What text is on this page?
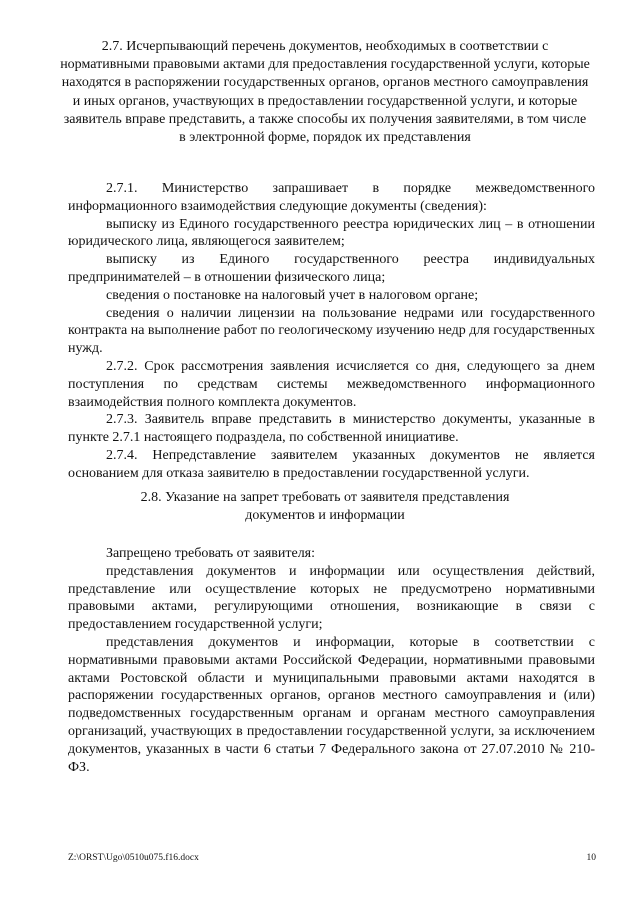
2.7. Исчерпывающий перечень документов, необходимых в соответствии с нормативными правовыми актами для предоставления государственной услуги, которые находятся в распоряжении государственных органов, органов местного самоуправления и иных органов, участвующих в предоставлении государственной услуги, и которые заявитель вправе представить, а также способы их получения заявителями, в том числе в электронной форме, порядок их представления

2.7.1. Министерство запрашивает в порядке межведомственного информационного взаимодействия следующие документы (сведения):

выписку из Единого государственного реестра юридических лиц – в отношении юридического лица, являющегося заявителем;

выписку из Единого государственного реестра индивидуальных предпринимателей – в отношении физического лица;

сведения о постановке на налоговый учет в налоговом органе;

сведения о наличии лицензии на пользование недрами или государственного контракта на выполнение работ по геологическому изучению недр для государственных нужд.

2.7.2. Срок рассмотрения заявления исчисляется со дня, следующего за днем поступления по средствам системы межведомственного информационного взаимодействия полного комплекта документов.

2.7.3. Заявитель вправе представить в министерство документы, указанные в пункте 2.7.1 настоящего подраздела, по собственной инициативе.

2.7.4. Непредставление заявителем указанных документов не является основанием для отказа заявителю в предоставлении государственной услуги.

2.8. Указание на запрет требовать от заявителя представления документов и информации

Запрещено требовать от заявителя:

представления документов и информации или осуществления действий, представление или осуществление которых не предусмотрено нормативными правовыми актами, регулирующими отношения, возникающие в связи с предоставлением государственной услуги;

представления документов и информации, которые в соответствии с нормативными правовыми актами Российской Федерации, нормативными правовыми актами Ростовской области и муниципальными правовыми актами находятся в распоряжении государственных органов, органов местного самоуправления и (или) подведомственных государственным органам и органам местного самоуправления организаций, участвующих в предоставлении государственной услуги, за исключением документов, указанных в части 6 статьи 7 Федерального закона от 27.07.2010 № 210-ФЗ.

Z:\ORST\Ugo\0510u075.f16.docx	10
